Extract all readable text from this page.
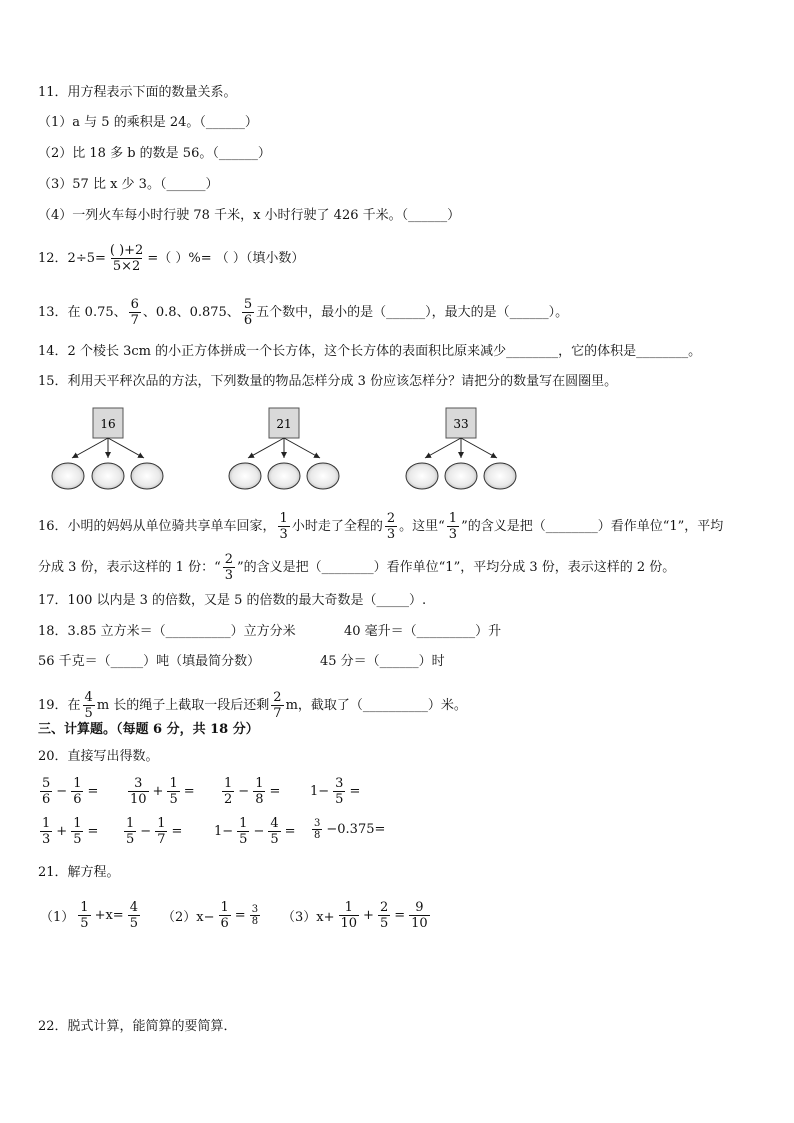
11．用方程表示下面的数量关系。
（1）a 与 5 的乘积是 24。（______）
（2）比 18 多 b 的数是 56。（______）
（3）57 比 x 少 3。（______）
（4）一列火车每小时行驶 78 千米，x 小时行驶了 426 千米。（______）
12．$2\div 5= \frac{( )+2}{5\times 2}$ =（ ）%= （ ）（填小数）
13．在 0.75、 $\frac{6}{7}$ 、0.8、0.875、 $\frac{5}{6}$ 五个数中，最小的是（______），最大的是（______）。
14．2 个棱长 3cm 的小正方体拼成一个长方体，这个长方体的表面积比原来减少________，它的体积是________。
15．利用天平秤次品的方法，下列数量的物品怎样分成 3 份应该怎样分？请把分的数量写在圆圈里。
16	21	33
16．小明的妈妈从单位骑共享单车回家， $\frac{1}{3}$ 小时走了全程的 $\frac{2}{3}$ 。这里“ $\frac{1}{3}$ ”的含义是把（________）看作单位“1”，平均
分成 3 份，表示这样的 1 份：“ $\frac{2}{3}$ ”的含义是把（________）看作单位“1”，平均分成 3 份，表示这样的 2 份。
17．100 以内是 3 的倍数，又是 5 的倍数的最大奇数是（_____）.
18．3.85 立方米＝（__________）立方分米	40 毫升＝（_________）升
56 千克＝（_____）吨（填最简分数）	45 分＝（______）时
19．在 $\frac{4}{5}$ m 长的绳子上截取一段后还剩 $\frac{2}{7}$ m，截取了（__________）米。
三、计算题。（每题 6 分，共 18 分）
20．直接写出得数。
$\frac{5}{6} - \frac{1}{6} = \frac{3}{10} + \frac{1}{5} = \frac{1}{2} - \frac{1}{8} = 1- \frac{3}{5}$ =
$\frac{1}{3} + \frac{1}{5} = \frac{1}{5} - \frac{1}{7} = 1- \frac{1}{5} - \frac{4}{5} = \frac{3}{8} -0.375=$
21．解方程。
$(1) \frac{1}{5} +x= \frac{4}{5} (2)x- \frac{1}{6} = \frac{3}{8} (3)x+ \frac{1}{10} + \frac{2}{5} = \frac{9}{10}$
22．脱式计算，能简算的要简算．
